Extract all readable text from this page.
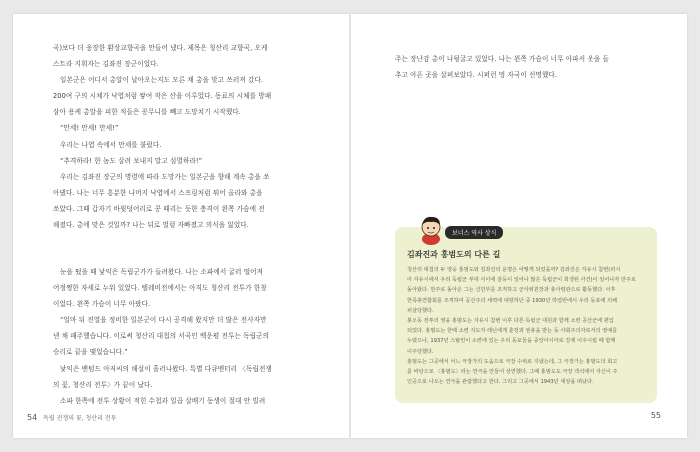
곡)보다 더 웅장한 환상교향곡을 만들어 냈다. 제목은 청산리 교향곡, 오케

스트라 지휘자는 김좌진 장군이었다.

일본군은 어디서 총알이 날아오는지도 모른 채 총을 맞고 쓰러져 갔다.

200여 구의 시체가 낙엽처럼 쌓여 작은 산을 이루었다. 동료의 시체를 방패

삼아 용케 총알을 피한 적들은 꽁무니를 빼고 도망치기 시작했다.

“만세! 만세! 만세!”

우리는 나엽 속에서 만세를 불렀다.

“추격하라! 한 놈도 살려 보내지 말고 섬멸하라!”

우리는 김좌진 장군의 명령에 따라 도망가는 일본군을 향해 계속 총을 쏘

아댔다. 나는 너무 흥분한 나머지 낙엽에서 스프링처럼 튀어 올라와 총을

쏘았다. 그때 갑자기 바윗덩어리로 콩 때리는 듯한 충격이 왼쪽 가슴에 전

해졌다. 총에 맞은 것일까? 나는 뒤로 벌렁 자빠졌고 의식을 잃었다.

눈을 떴을 때 낯익은 독립군가가 들려왔다. 나는 소파에서 굴러 떨어져

어정쩡한 자세로 누워 있었다. 텔레비전에서는 아직도 청산리 전투가 한창

이었다. 왼쪽 가슴이 너무 아팠다.

“얼마 뒤 전열을 정비한 일본군이 다시 공격해 왔지만 더 많은 전사자만

낸 채 패주했습니다. 이로써 청산리 대첩의 서곡인 백운평 전투는 독립군의

승리로 끝을 맺었습니다.”

낯익은 밴텀드 아저씨의 해설이 흘러나왔다. 특별 다큐멘터리 〈독립전쟁

의 꽃, 청산리 전투〉가 끝이 났다.

소파 한쪽에 전투 상황이 적힌 수첩과 일곱 살배기 동생이 절대 안 빌려

54 독립 전쟁의 꽃, 청산리 전투

주는 장난감 총이 나뒹굴고 있었다. 나는 왼쪽 가슴이 너무 아파서 옷을 들

추고 아픈 곳을 살펴보았다. 시퍼런 멍 자국이 선명했다.

보너스 역사 상식
김좌진과 홍범도의 다른 길

청산리 대첩의 두 영웅 홍범도와 김좌진의 운명은 어떻게 되었을까? 김좌진은 자유시 참변(러시

아 자유시에서 우리 독립군 부대 사이에 갈등이 일어나 많은 독립군이 희생된 사건)이 일어나자 만주로

돌아왔다. 만주로 돌아온 그는 신민부를 조직하고 군사위원장과 총사령관으로 활동했다. 이후

한족총연합회를 조직하여 공산주의 세력에 대항하던 중 1930년 하얼빈에서 우리 동포에 의해

피살당했다.

봉오동 전투의 영웅 홍범도는 자유시 참변 이후 다른 독립군 대원과 함께 소련 공산군에 편입

되었다. 홍범도는 한때 소련 지도자 레닌에게 훈장과 권총을 받는 등 사회주의자로서의 영예를

누렸으나, 1937년 스탈린이 소련에 있는 우리 동포들을 중앙아시아로 강제 이주시킬 때 함께

이주당했다.

홍범도는 그곳에서 어느 극장가의 도움으로 극장 수위로 지냈는데, 그 극장가는 홍범도의 회고

를 바탕으로 〈홍범도〉라는 연극을 만들어 상연했다. 그때 홍범도도 극장 객석에서 자신이 주

인공으로 나오는 연극을 관람했다고 한다. 그리고 그곳에서 1943년 세상을 떠났다.

55
